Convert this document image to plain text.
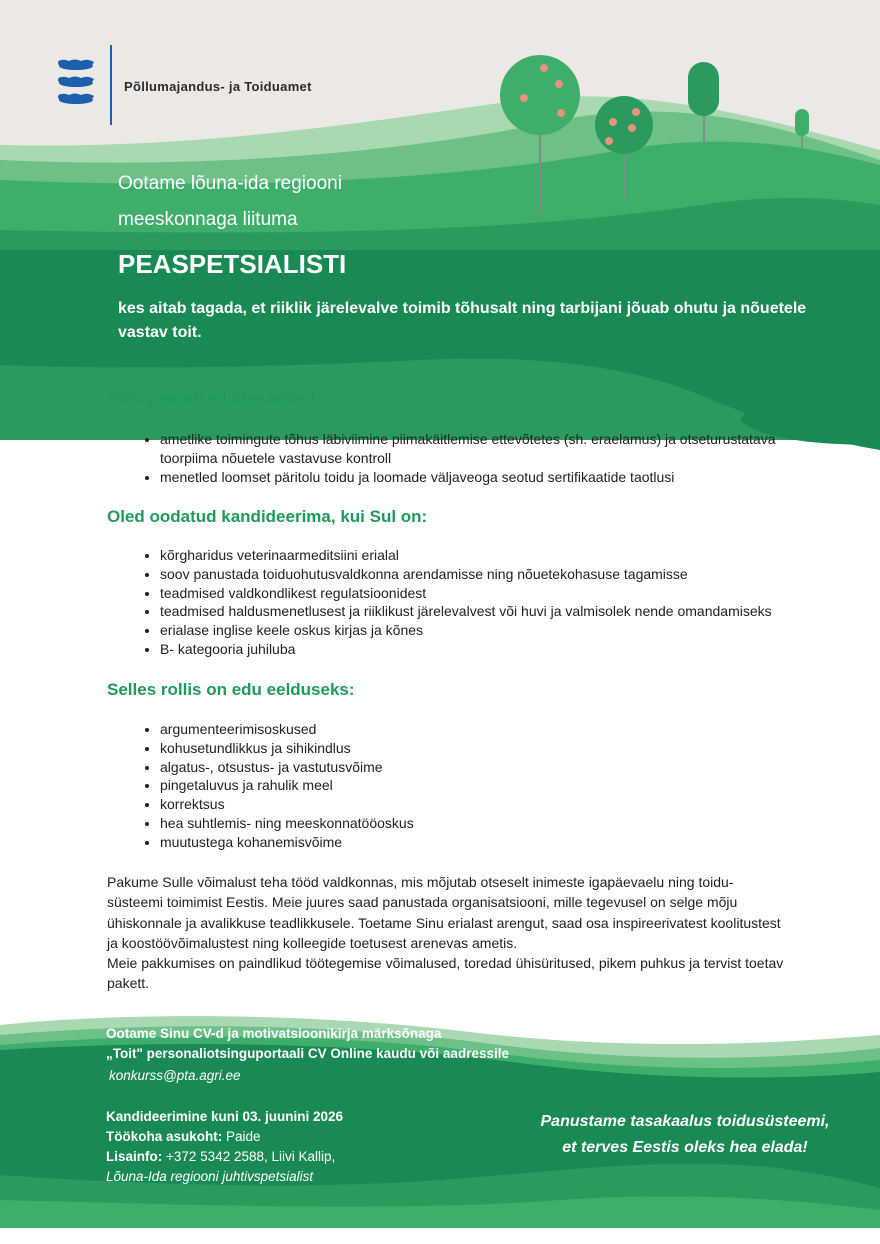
Põllumajandus- ja Toiduamet
Ootame lõuna-ida regiooni
meeskonnaga liituma
PEASPETSIALISTI
kes aitab tagada, et riiklik järelevalve toimib tõhusalt ning tarbijani jõuab ohutu ja nõuetele vastav toit.
Sinu peamised ülesanded:
• ametlike toimingute tõhus läbiviimine piimakäitlemise ettevõtetes (sh. eraelamus) ja otseturustatava toorpiima nõuetele vastavuse kontroll
• menetled loomset päritolu toidu ja loomade väljaveoga seotud sertifikaatide taotlusi
Oled oodatud kandideerima, kui Sul on:
• kõrgharidus veterinaarmeditsiini erialal
• soov panustada toiduohutusvaldkonna arendamisse ning nõuetekohasuse tagamisse
• teadmised valdkondlikest regulatsioonidest
• teadmised haldusmenetlusest ja riiklikust järelevalvest või huvi ja valmisolek nende omandamiseks
• erialase inglise keele oskus kirjas ja kõnes
• B- kategooria juhiluba
Selles rollis on edu eelduseks:
• argumenteerimisoskused
• kohusetundlikkus ja sihikindlus
• algatus-, otsustus- ja vastutusvõime
• pingetaluvus ja rahulik meel
• korrektsus
• hea suhtlemis- ning meeskonnatööoskus
• muutustega kohanemisvõime
Pakume Sulle võimalust teha tööd valdkonnas, mis mõjutab otseselt inimeste igapäevaelu ning toidu-süsteemi toimimist Eestis. Meie juures saad panustada organisatsiooni, mille tegevusel on selge mõju ühiskonnale ja avalikkuse teadlikkusele. Toetame Sinu erialast arengut, saad osa inspireerivatest koolitustest ja koostöövõimalustest ning kolleegide toetusest arenevas ametis.
Meie pakkumises on paindlikud töötegemise võimalused, toredad ühisüritused, pikem puhkus ja tervist toetav pakett.
Ootame Sinu CV-d ja motivatsioonikirja märksõnaga
„Toit" personaliotsinguportaali CV Online kaudu või aadressile
konkurss@pta.agri.ee
Kandideerimine kuni 03. juunini 2026
Töökoha asukoht: Paide
Lisainfo: +372 5342 2588, Liivi Kallip,
Lõuna-Ida regiooni juhtivspetsialist
Panustame tasakaalus toidusüsteemi,
et terves Eestis oleks hea elada!
